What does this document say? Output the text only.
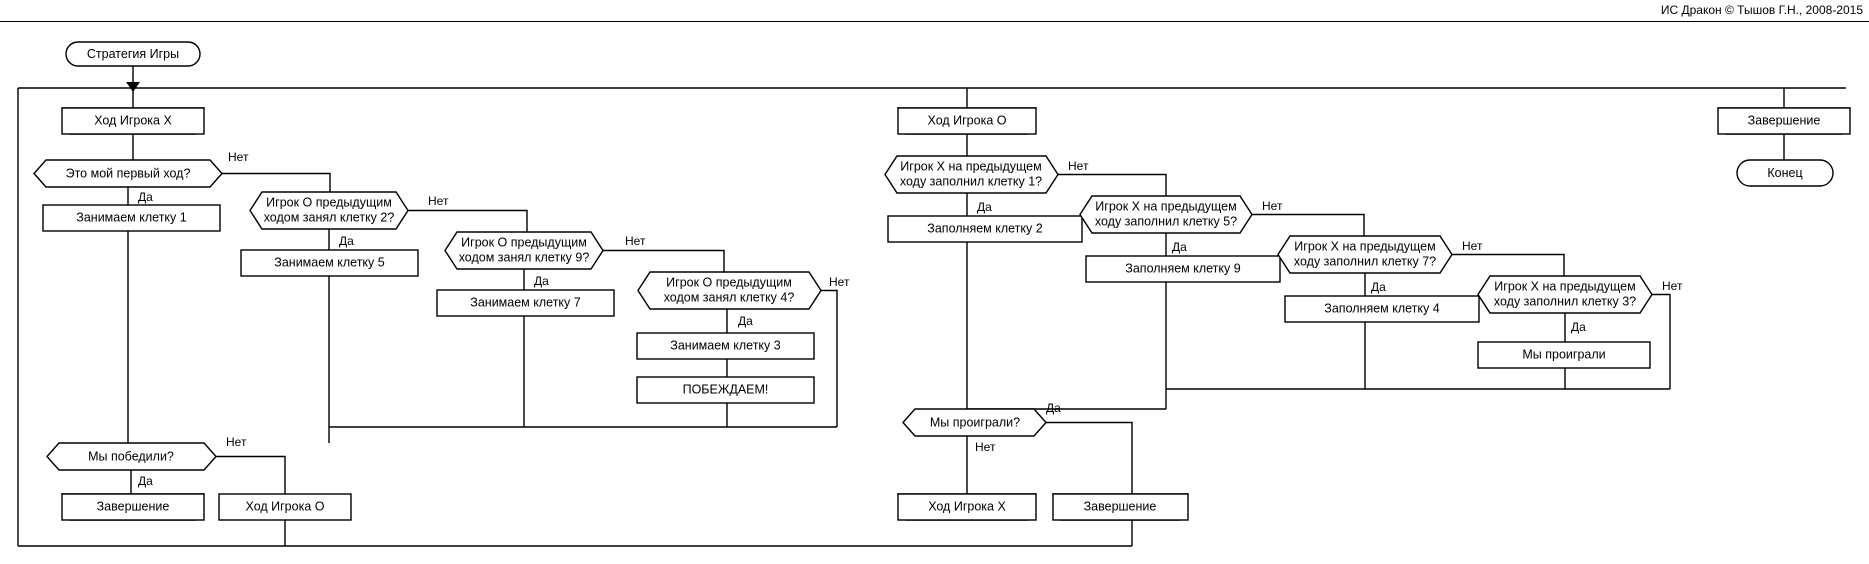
ИС Дракон © Тышов Г.Н., 2008-2015
Стратегия Игры
Ход Игрока X
Это мой первый ход?
Нет
Да
Занимаем клетку 1
Игрок О предыдущим
ходом занял клетку 2?
Нет
Да
Занимаем клетку 5
Игрок О предыдущим
ходом занял клетку 9?
Нет
Да
Занимаем клетку 7
Игрок О предыдущим
ходом занял клетку 4?
Нет
Да
Занимаем клетку 3
ПОБЕЖДАЕМ!
Мы победили?
Нет
Да
Завершение	Ход Игрока О
Ход Игрока О
Игрок X на предыдущем
ходу заполнил клетку 1?
Нет
Да
Заполняем клетку 2
Игрок X на предыдущем
ходу заполнил клетку 5?
Нет
Да
Заполняем клетку 9
Игрок X на предыдущем
ходу заполнил клетку 7?
Нет
Да
Заполняем клетку 4
Игрок X на предыдущем
ходу заполнил клетку 3?
Нет
Да
Мы проиграли
Мы проиграли?
Да
Нет
Ход Игрока X	Завершение
Завершение
Конец
